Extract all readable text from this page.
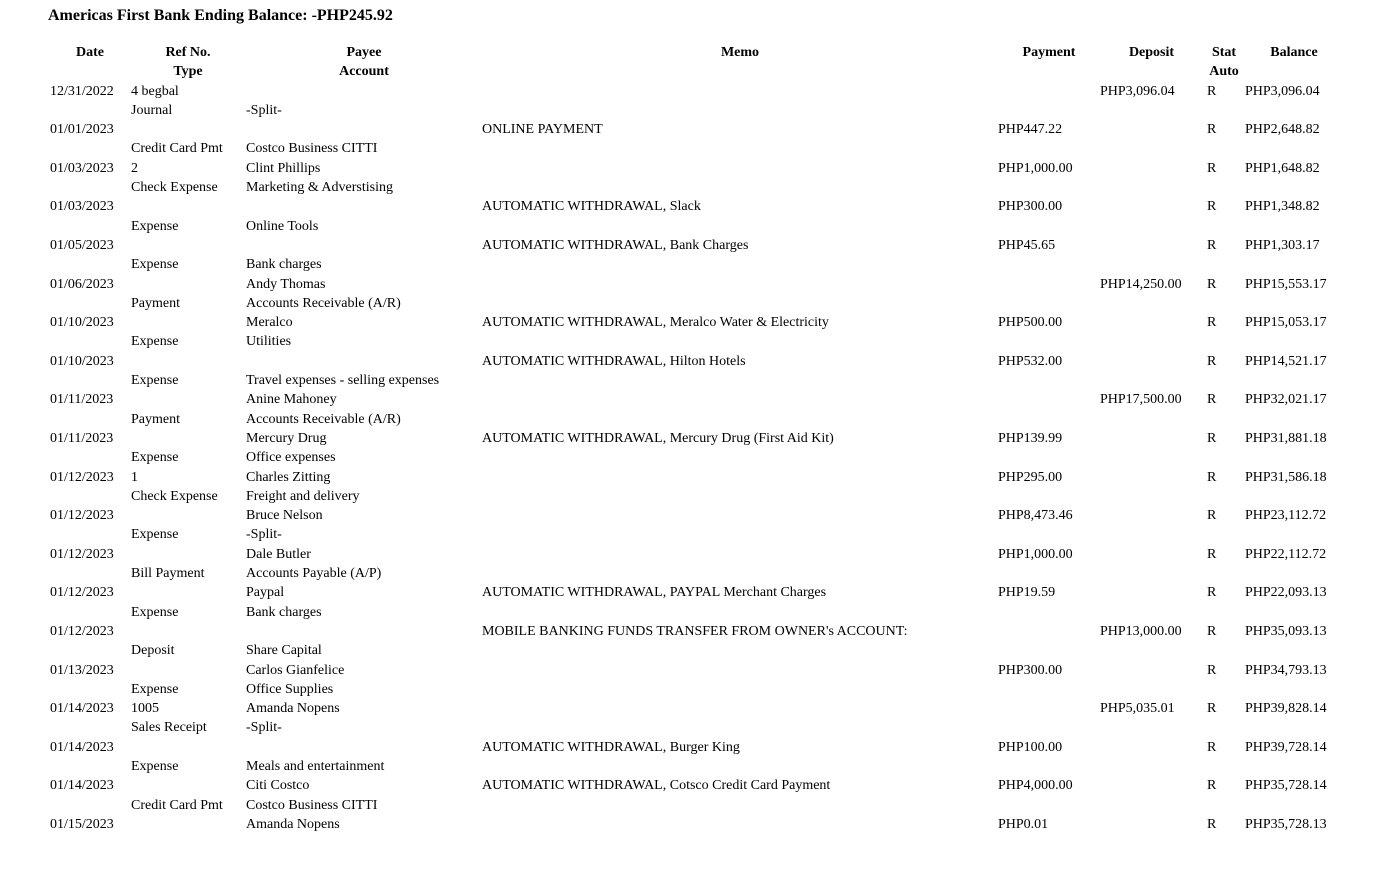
Americas First Bank Ending Balance: -PHP245.92
Date	Ref No.	Payee	Memo	Payment	Deposit	Stat	Balance
	Type	Account				Auto	
12/31/2022	4 begbal				PHP3,096.04	R	PHP3,096.04
	Journal	-Split-					
01/01/2023			ONLINE PAYMENT	PHP447.22		R	PHP2,648.82
	Credit Card Pmt	Costco Business CITTI					
01/03/2023	2	Clint Phillips		PHP1,000.00		R	PHP1,648.82
	Check Expense	Marketing & Adverstising					
01/03/2023			AUTOMATIC WITHDRAWAL, Slack	PHP300.00		R	PHP1,348.82
	Expense	Online Tools					
01/05/2023			AUTOMATIC WITHDRAWAL, Bank Charges	PHP45.65		R	PHP1,303.17
	Expense	Bank charges					
01/06/2023		Andy Thomas			PHP14,250.00	R	PHP15,553.17
	Payment	Accounts Receivable (A/R)					
01/10/2023		Meralco	AUTOMATIC WITHDRAWAL, Meralco Water & Electricity	PHP500.00		R	PHP15,053.17
	Expense	Utilities					
01/10/2023			AUTOMATIC WITHDRAWAL, Hilton Hotels	PHP532.00		R	PHP14,521.17
	Expense	Travel expenses - selling expenses					
01/11/2023		Anine Mahoney			PHP17,500.00	R	PHP32,021.17
	Payment	Accounts Receivable (A/R)					
01/11/2023		Mercury Drug	AUTOMATIC WITHDRAWAL, Mercury Drug (First Aid Kit)	PHP139.99		R	PHP31,881.18
	Expense	Office expenses					
01/12/2023	1	Charles Zitting		PHP295.00		R	PHP31,586.18
	Check Expense	Freight and delivery					
01/12/2023		Bruce Nelson		PHP8,473.46		R	PHP23,112.72
	Expense	-Split-					
01/12/2023		Dale Butler		PHP1,000.00		R	PHP22,112.72
	Bill Payment	Accounts Payable (A/P)					
01/12/2023		Paypal	AUTOMATIC WITHDRAWAL, PAYPAL Merchant Charges	PHP19.59		R	PHP22,093.13
	Expense	Bank charges					
01/12/2023			MOBILE BANKING FUNDS TRANSFER FROM OWNER's ACCOUNT:		PHP13,000.00	R	PHP35,093.13
	Deposit	Share Capital					
01/13/2023		Carlos Gianfelice		PHP300.00		R	PHP34,793.13
	Expense	Office Supplies					
01/14/2023	1005	Amanda Nopens			PHP5,035.01	R	PHP39,828.14
	Sales Receipt	-Split-					
01/14/2023			AUTOMATIC WITHDRAWAL, Burger King	PHP100.00		R	PHP39,728.14
	Expense	Meals and entertainment					
01/14/2023		Citi Costco	AUTOMATIC WITHDRAWAL, Cotsco Credit Card Payment	PHP4,000.00		R	PHP35,728.14
	Credit Card Pmt	Costco Business CITTI					
01/15/2023		Amanda Nopens		PHP0.01		R	PHP35,728.13
